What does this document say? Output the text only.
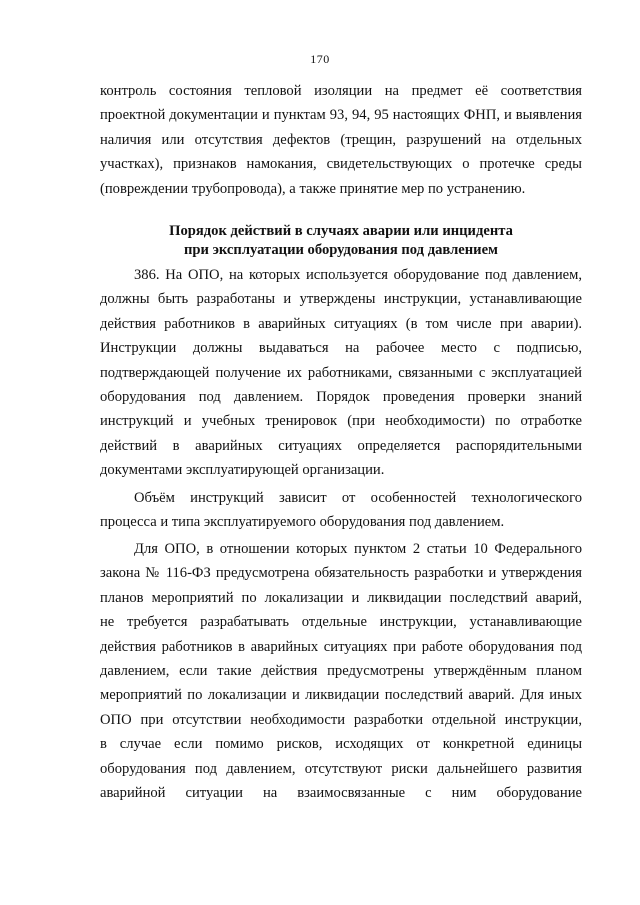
170
контроль состояния тепловой изоляции на предмет её соответствия
проектной документации и пунктам 93, 94, 95 настоящих ФНП, и выявления
наличия или отсутствия дефектов (трещин, разрушений на отдельных
участках), признаков намокания, свидетельствующих о протечке среды
(повреждении трубопровода), а также принятие мер по устранению.
Порядок действий в случаях аварии или инцидента
при эксплуатации оборудования под давлением
386. На ОПО, на которых используется оборудование под давлением,
должны быть разработаны и утверждены инструкции, устанавливающие
действия работников в аварийных ситуациях (в том числе при аварии).
Инструкции должны выдаваться на рабочее место с подписью,
подтверждающей получение их работниками, связанными с эксплуатацией
оборудования под давлением. Порядок проведения проверки знаний
инструкций и учебных тренировок (при необходимости) по отработке
действий в аварийных ситуациях определяется распорядительными
документами эксплуатирующей организации.
Объём инструкций зависит от особенностей технологического
процесса и типа эксплуатируемого оборудования под давлением.
Для ОПО, в отношении которых пунктом 2 статьи 10 Федерального
закона № 116-ФЗ предусмотрена обязательность разработки и утверждения
планов мероприятий по локализации и ликвидации последствий аварий,
не требуется разрабатывать отдельные инструкции, устанавливающие
действия работников в аварийных ситуациях при работе оборудования под
давлением, если такие действия предусмотрены утверждённым планом
мероприятий по локализации и ликвидации последствий аварий. Для иных
ОПО при отсутствии необходимости разработки отдельной инструкции,
в случае если помимо рисков, исходящих от конкретной единицы
оборудования под давлением, отсутствуют риски дальнейшего развития
аварийной ситуации на взаимосвязанные с ним оборудование
